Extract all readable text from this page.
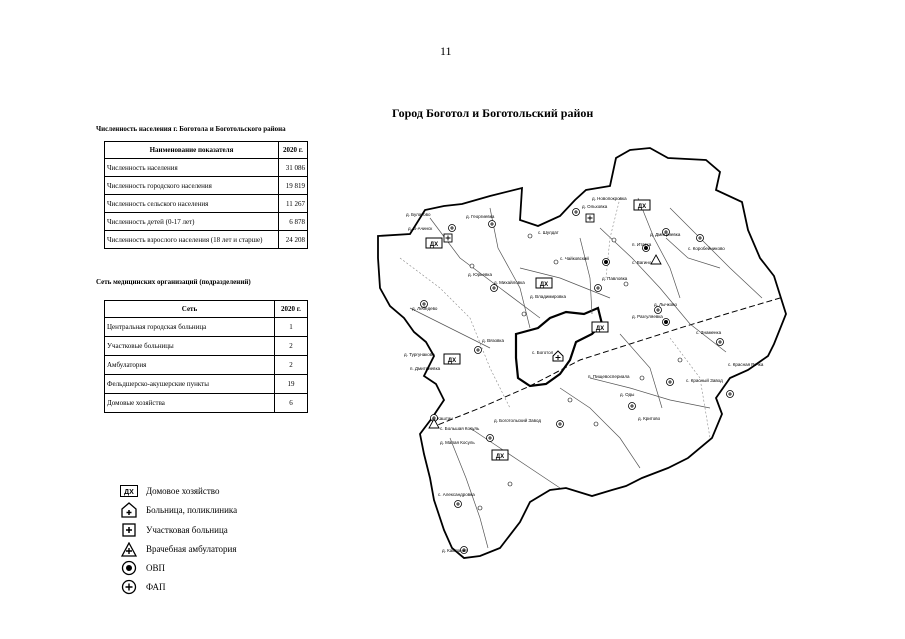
11
Численность населения г. Боготола и Боготольского района
Наименование показателя	2020 г.
Численность населения	31 086
Численность городского населения	19 819
Численность сельского населения	11 267
Численность детей (0-17 лет)	6 878
Численность взрослого населения (18 лет и старше)	24 208
Сеть медицинских организаций (подразделений)
Сеть	2020 г.
Центральная городская больница	1
Участковые больницы	2
Амбулатория	2
Фельдшерско-акушерские пункты	19
Домовые хозяйства	6
ДХ Домовое хозяйство
Больница, поликлиника
Участковая больница
Врачебная амбулатория
ОВП
ФАП
Город Боготол и Боготольский район
ДХ
ДХ
ДХ
ДХ
ДХ
ДХ
д. Булатово	д. Георгиевка
д. Новопокровка
д. Ольховка
д. В-Ачинск
с. Шулдат
с. Вагино
д. Дмитриевка
п. Итатка
с. Коробейниково
с. Чайковский
д. Юрьевка
д. Михайловка
д. Владимировка
д. Лебедево
д. Павловка
д. Лычково
д. Разгуляевка
д. Тургунаково	с. Боготол
п. Дмитриевка
с. Красная Речка
с. Большая Косуль
д. Боготольский Завод
д. Вязовка
д. Каштан
д. Малая Косуль
с. Александровка
д. Кампания
п. Пищевоспериала
д. Оды
с. Красный Завод
д. Критово
с. Знаменка
